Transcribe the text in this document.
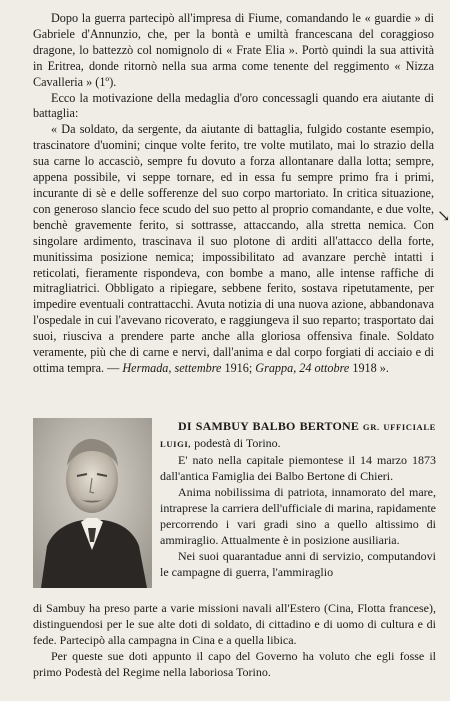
Dopo la guerra partecipò all'impresa di Fiume, comandando le « guardie » di Gabriele d'Annunzio, che, per la bontà e umiltà francescana del coraggioso dragone, lo battezzò col nomignolo di « Frate Elia ». Portò quindi la sua attività in Eritrea, donde ritornò nella sua arma come tenente del reggimento « Nizza Cavalleria » (1º).

Ecco la motivazione della medaglia d'oro concessagli quando era aiutante di battaglia:

« Da soldato, da sergente, da aiutante di battaglia, fulgido costante esempio, trascinatore d'uomini; cinque volte ferito, tre volte mutilato, mai lo strazio della sua carne lo accasciò, sempre fu dovuto a forza allontanare dalla lotta; sempre, appena possibile, vi seppe tornare, ed in essa fu sempre primo fra i primi, incurante di sè e delle sofferenze del suo corpo martoriato. In critica situazione, con generoso slancio fece scudo del suo petto al proprio comandante, e due volte, benchè gravemente ferito, si sottrasse, attaccando, alla stretta nemica. Con singolare ardimento, trascinava il suo plotone di arditi all'attacco della forte, munitissima posizione nemica; impossibilitato ad avanzare perchè intatti i reticolati, fieramente rispondeva, con bombe a mano, alle intense raffiche di mitragliatrici. Obbligato a ripiegare, sebbene ferito, sostava ripetutamente, per impedire eventuali contrattacchi. Avuta notizia di una nuova azione, abbandonava l'ospedale in cui l'avevano ricoverato, e raggiungeva il suo reparto; trasportato dai suoi, riusciva a prendere parte anche alla gloriosa offensiva finale. Soldato veramente, più che di carne e nervi, dall'anima e dal corpo forgiati di acciaio e di ottima tempra. — Hermada, settembre 1916; Grappa, 24 ottobre 1918 ».

↘

DI SAMBUY BALBO BERTONE GR. UFFICIALE LUIGI, podestà di Torino.

E' nato nella capitale piemontese il 14 marzo 1873 dall'antica Famiglia dei Balbo Bertone di Chieri.

Anima nobilissima di patriota, innamorato del mare, intraprese la carriera dell'ufficiale di marina, rapidamente percorrendo i vari gradi sino a quello altissimo di ammiraglio. Attualmente è in posizione ausiliaria.

Nei suoi quarantadue anni di servizio, computandovi le campagne di guerra, l'ammiraglio

di Sambuy ha preso parte a varie missioni navali all'Estero (Cina, Flotta francese), distinguendosi per le sue alte doti di soldato, di cittadino e di uomo di cultura e di fede. Partecipò alla campagna in Cina e a quella libica.

Per queste sue doti appunto il capo del Governo ha voluto che egli fosse il primo Podestà del Regime nella laboriosa Torino.
